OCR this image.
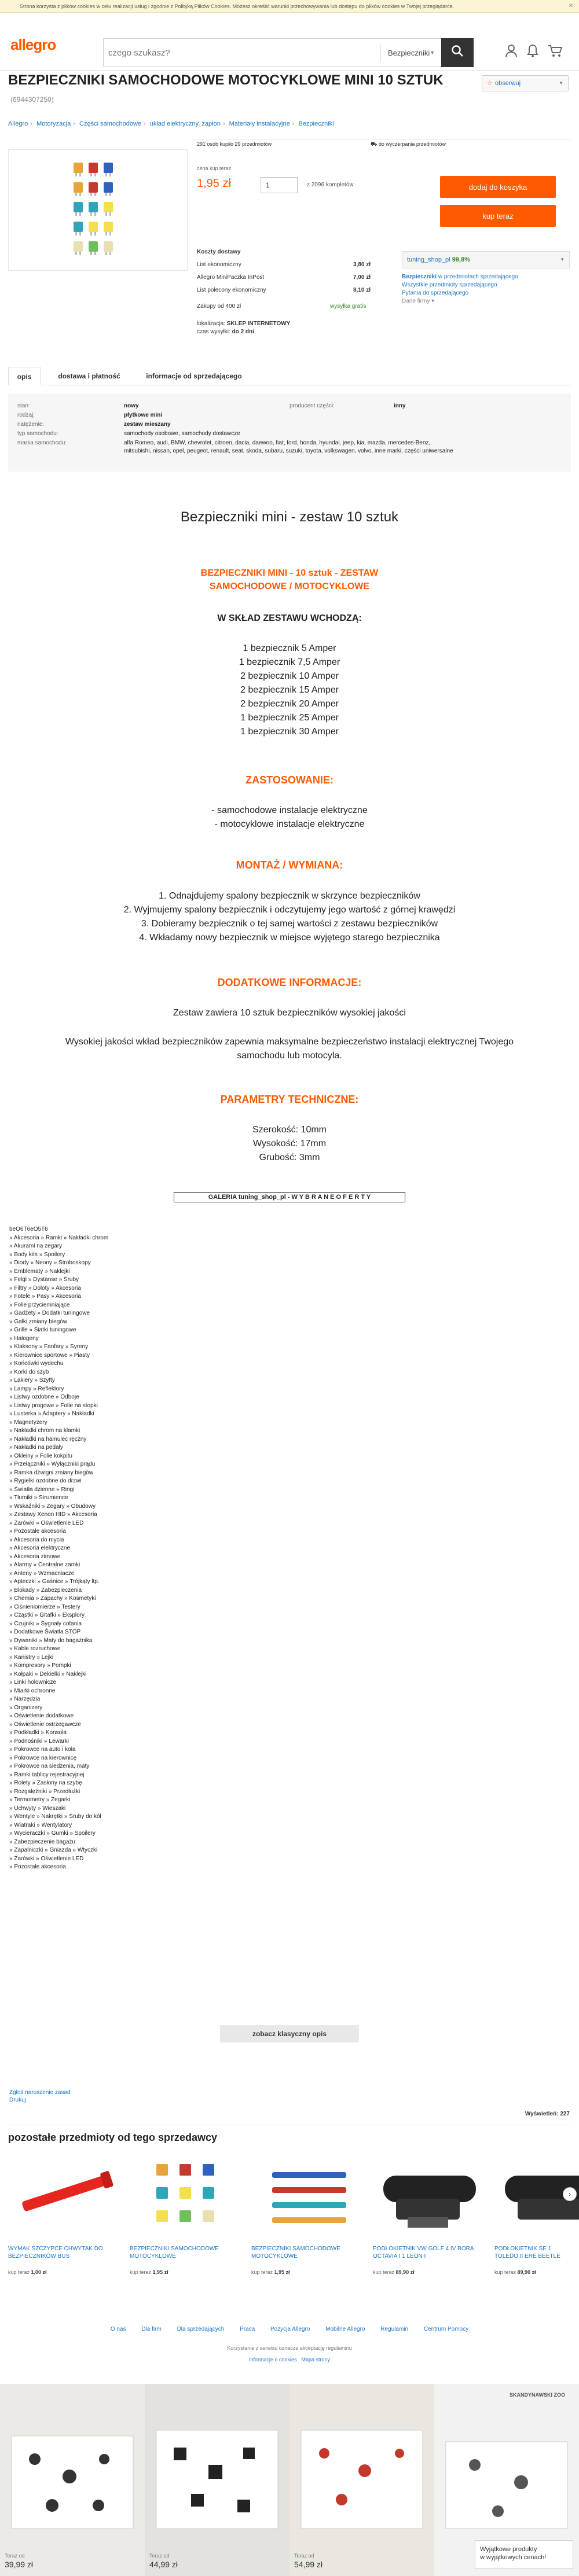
Strona korzysta z plików cookies w celu realizacji usług i zgodnie z Polityką Plików Cookies. Możesz określić warunki przechowywania lub dostępu do plików cookies w Twojej przeglądarce.	✕
allegro
czego szukasz?	Bezpieczniki ▼
BEZPIECZNIKI SAMOCHODOWE MOTOCYKLOWE MINI 10 SZTUK (6944307250)
☆ obserwuj	▼
Allegro › Motoryzacja › Części samochodowe › układ elektryczny, zapłon › Materiały instalacyjne › Bezpieczniki
291 osób kupiło 29 przedmiotów	⛟ do wyczerpania przedmiotów
cena kup teraz
1,95 zł	1	z 2096 kompletów	dodaj do koszyka
kup teraz
Koszty dostawy
List ekonomiczny	3,80 zł
Allegro MiniPaczka InPost	7,00 zł
List polecony ekonomiczny	8,10 zł
Zakupy od 400 zł	wysyłka gratis
lokalizacja: SKLEP INTERNETOWY
czas wysyłki: do 2 dni
tuning_shop_pl 99,8%	▼
Bezpieczniki w przedmiotach sprzedającego
Wszystkie przedmioty sprzedającego
Pytania do sprzedającego
Dane firmy ▾
opis	dostawa i płatność	informacje od sprzedającego
stan:	nowy	producent części:	inny
rodzaj:	płytkowe mini
natężenie:	zestaw mieszany
typ samochodu:	samochody osobowe, samochody dostawcze
marka samochodu:	alfa Romeo, audi, BMW, chevrolet, citroen, dacia, daewoo, fiat, ford, honda, hyundai, jeep, kia, mazda, mercedes-Benz,
mitsubishi, nissan, opel, peugeot, renault, seat, skoda, subaru, suzuki, toyota, volkswagen, volvo, inne marki, części uniwersalne
Bezpieczniki mini - zestaw 10 sztuk
BEZPIECZNIKI MINI - 10 sztuk - ZESTAW
SAMOCHODOWE / MOTOCYKLOWE
W SKŁAD ZESTAWU WCHODZĄ:
1 bezpiecznik 5 Amper
1 bezpiecznik 7,5 Amper
2 bezpiecznik 10 Amper
2 bezpiecznik 15 Amper
2 bezpiecznik 20 Amper
1 bezpiecznik 25 Amper
1 bezpiecznik 30 Amper
ZASTOSOWANIE:
- samochodowe instalacje elektryczne
- motocyklowe instalacje elektryczne
MONTAŻ / WYMIANA:
1. Odnajdujemy spalony bezpiecznik w skrzynce bezpieczników
2. Wyjmujemy spalony bezpiecznik i odczytujemy jego wartość z górnej krawędzi
3. Dobieramy bezpiecznik o tej samej wartości z zestawu bezpieczników
4. Wkładamy nowy bezpiecznik w miejsce wyjętego starego bezpiecznika
DODATKOWE INFORMACJE:
Zestaw zawiera 10 sztuk bezpieczników wysokiej jakości
Wysokiej jakości wkład bezpieczników zapewnia maksymalne bezpieczeństwo instalacji elektrycznej Twojego
samochodu lub motocyla.
PARAMETRY TECHNICZNE:
Szerokość: 10mm
Wysokość: 17mm
Grubość: 3mm
GALERIA tuning_shop_pl - W Y B R A N E O F E R T Y
beO6T6eO5T6
» Akcesoria » Ramki » Nakładki chrom
» Akurami na zegary
» Body kits » Spoilery
» Diody » Neony » Stroboskopy
» Emblematy » Naklejki
» Felgi » Dystanse » Śruby
» Filtry » Doloty » Akcesoria
» Fotele » Pasy » Akcesoria
» Folie przyciemniające
» Gadżety » Dodatki tuningowe
» Gałki zmiany biegów
» Grille » Siatki tuningowe
» Halogeny
» Klaksony » Fanfary » Syreny
» Kierownice sportowe » Piasty
» Końcówki wydechu
» Korki do szyb
» Lakiery » Szyfty
» Lampy » Reflektory
» Listwy ozdobne » Odboje
» Listwy progowe » Folie na stopki
» Lusterka » Adaptery » Nakładki
» Magnetyzery
» Nakładki chrom na klamki
» Nakładki na hamulec ręczny
» Nakładki na pedały
» Okleiny » Folie kokpitu
» Przełączniki » Wyłączniki prądu
» Ramka dźwigni zmiany biegów
» Rygielki ozdobne do drzwi
» Światła dzienne » Ringi
» Tłumiki » Strumience
» Wskaźniki » Zegary » Obudowy
» Zestawy Xenon HID » Akcesoria
» Żarówki » Oświetlenie LED
» Pozostałe akcesoria
» Akcesoria do mycia
» Akcesoria elektryczne
» Akcesoria zimowe
» Alarmy » Centralne zamki
» Anteny » Wzmacniacze
» Apteczki » Gaśnice » Trójkąty ltp.
» Blokady » Zabezpieczenia
» Chemia » Zapachy » Kosmetyki
» Ciśnieniomierze » Testery
» Cząstki » Gitafki » Eksplory
» Czujniki » Sygnały cofania
» Dodatkowe Światła STOP
» Dywaniki » Maty do bagażnika
» Kable rozruchowe
» Kanistry » Lejki
» Kompresory » Pompki
» Kołpaki » Dekielki » Naklejki
» Linki holownicze
» Miarki ochronne
» Narzędzia
» Organizery
» Oświetlenie dodatkowe
» Oświetlenie ostrzegawcze
» Podkładki » Konsola
» Podnośniki » Lewarki
» Pokrowce na auto i koła
» Pokrowce na kierownicę
» Pokrowce na siedzenia, maty
» Ramki tablicy rejestracyjnej
» Rolety » Zasłony na szybę
» Rozgałęźniki » Przedłużki
» Termometry » Zegarki
» Uchwyty » Wieszaki
» Wentyle » Nakrętki » Śruby do kół
» Wiatraki » Wentylatory
» Wycieraczki » Gumki » Spoilery
» Zabezpieczenie bagażu
» Zapalniczki » Gniazda » Wtyczki
» Żarówki » Oświetlenie LED
» Pozostałe akcesoria
zobacz klasyczny opis
Zgłoś naruszenie zasad
Drukuj
Wyświetleń: 227
pozostałe przedmioty od tego sprzedawcy
WYMAK SZCZYPCE CHWYTAK DO BEZPIECZNIKÓW BUS
kup teraz 1,00 zł
BEZPIECZNIKI SAMOCHODOWE MOTOCYKLOWE
kup teraz 1,95 zł
BEZPIECZNIKI SAMOCHODOWE MOTOCYKLOWE
kup teraz 1,95 zł
PODŁOKIETNIK VW GOLF 4 IV BORA OCTAVIA I 1 LEON I
kup teraz 89,90 zł
PODŁOKIETNIK SE 1 TOLEDO II ERE BEETLE
kup teraz 89,90 zł
›
O nas	Dla firm	Dla sprzedających	Praca	Pozycja Allegro	Mobilne Allegro	Regulamin	Centrum Pomocy
Korzystanie z serwisu oznacza akceptację regulaminu
Informacje o cookies · Mapa strony
Teraz od
39,99 zł
Teraz od
44,99 zł
Teraz od
54,99 zł
SKANDYNAWSKI ZOO
Wyjątkowe produkty
w wyjątkowych cenach!
